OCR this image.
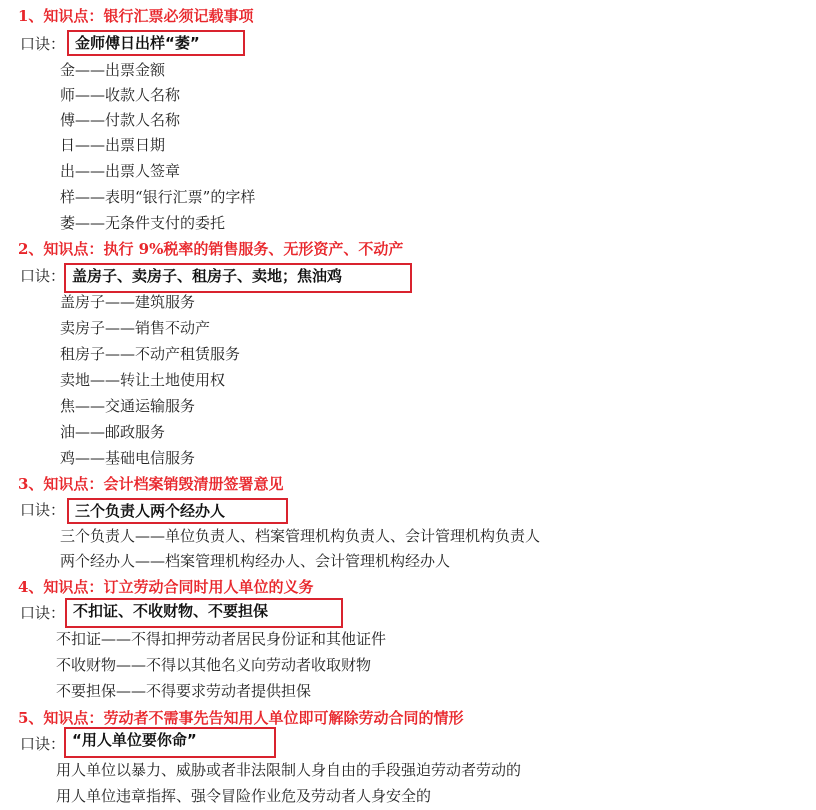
1、知识点：银行汇票必须记载事项
口诀： 金师傅日出样“萎”
金——出票金额
师——收款人名称
傅——付款人名称
日——出票日期
出——出票人签章
样——表明“银行汇票”的字样
萎——无条件支付的委托
2、知识点：执行 9%税率的销售服务、无形资产、不动产
口诀： 盖房子、卖房子、租房子、卖地；焦油鸡
盖房子——建筑服务
卖房子——销售不动产
租房子——不动产租赁服务
卖地——转让土地使用权
焦——交通运输服务
油——邮政服务
鸡——基础电信服务
3、知识点：会计档案销毁清册签署意见
口诀： 三个负责人两个经办人
三个负责人——单位负责人、档案管理机构负责人、会计管理机构负责人
两个经办人——档案管理机构经办人、会计管理机构经办人
4、知识点：订立劳动合同时用人单位的义务
口诀： 不扣证、不收财物、不要担保
不扣证——不得扣押劳动者居民身份证和其他证件
不收财物——不得以其他名义向劳动者收取财物
不要担保——不得要求劳动者提供担保
5、知识点：劳动者不需事先告知用人单位即可解除劳动合同的情形
口诀： “用人单位要你命”
用人单位以暴力、威胁或者非法限制人身自由的手段强迫劳动者劳动的
用人单位违章指挥、强令冒险作业危及劳动者人身安全的
